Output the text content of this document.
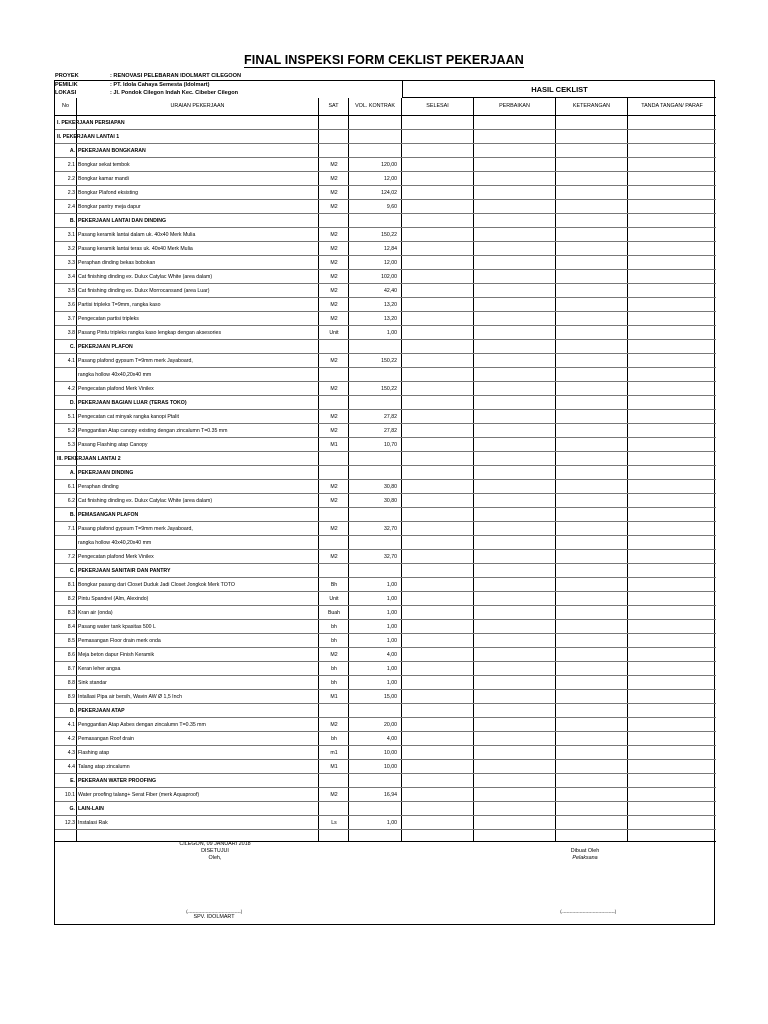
FINAL INSPEKSI FORM CEKLIST PEKERJAAN
PROYEK	: RENOVASI PELEBARAN IDOLMART CILEGOON
PEMILIK	: PT. Idola Cahaya Semesta (Idolmart)
LOKASI	: Jl. Pondok Cilegon Indah Kec. Cibeber Cilegon	HASIL CEKLIST
No	URAIAN PEKERJAAN	SAT	VOL. KONTRAK	SELESAI	PERBAIKAN	KETERANGAN	TANDA TANGAN/ PARAF
I. PEKERJAAN PERSIAPAN
II. PEKERJAAN LANTAI 1
A. PEKERJAAN BONGKARAN
2.1 Bongkar sekat tembok	M2	120,00
2.2 Bongkar kamar mandi	M2	12,00
2.3 Bongkar Plafond eksisting	M2	124,02
2.4 Bongkar pantry meja dapur	M2	9,60
B. PEKERJAAN LANTAI DAN DINDING
3.1 Pasang keramik lantai dalam uk. 40x40 Merk Mulia	M2	150,22
3.2 Pasang keramik lantai teras uk. 40x40 Merk Mulia	M2	12,84
3.3 Peraphan dinding bekas bobokan	M2	12,00
3.4 Cat finishing dinding ex. Dulux Catylac White (area dalam)	M2	102,00
3.5 Cat finishing dinding ex. Dulux Morrocansand (area Luar)	M2	42,40
3.6 Partisi tripleks T=9mm, rangka kaso	M2	13,20
3.7 Pengecatan partisi tripleks	M2	13,20
3.8 Pasang Pintu tripleks rangka kaso lengkap dengan aksesories	Unit	1,00
C. PEKERJAAN PLAFON
4.1 Pasang plafond gypsum T=9mm merk Jayaboard,	M2	150,22
rangka hollow 40x40,20x40 mm
4.2 Pengecatan plafond Merk Vinilex	M2	150,22
D. PEKERJAAN BAGIAN LUAR (TERAS TOKO)
5.1 Pengecatan cat minyak rangka kanopi Ptalit	M2	27,82
5.2 Penggantian Atap canopy existing dengan zincalumn T=0.35 mm	M2	27,82
5.3 Pasang Flashing atap Canopy	M1	10,70
III. PEKERJAAN LANTAI 2
A. PEKERJAAN DINDING
6.1 Peraphan dinding	M2	30,80
6.2 Cat finishing dinding ex. Dulux Catylac White (area dalam)	M2	30,80
B. PEMASANGAN PLAFON
7.1 Pasang plafond gypsum T=9mm merk Jayaboard,	M2	32,70
rangka hollow 40x40,20x40 mm
7.2 Pengecatan plafond Merk Vinilex	M2	32,70
C. PEKERJAAN SANITAIR DAN PANTRY
8.1 Bongkar pasang dari Closet Duduk Jadi Closet Jongkok Merk TOTO	Bh	1,00
8.2 Pintu Spandrel (Alm, Alexindo)	Unit	1,00
8.3 Kran air (onda)	Buah	1,00
8.4 Pasang water tank kpasitas 500 L	bh	1,00
8.5 Pemasangan Floor drain merk onda	bh	1,00
8.6 Meja beton dapur Finish Keramik	M2	4,00
8.7 Keran leher angsa	bh	1,00
8.8 Sink standar	bh	1,00
8.9 Intallasi Pipa air bersih, Wavin AW Ø 1,5 Inch	M1	15,00
D. PEKERJAAN ATAP
4.1 Penggantian Atap Asbes dengan zincalumn T=0.35 mm	M2	20,00
4.2 Pemasangan Roof drain	bh	4,00
4.3 Flashing atap	m1	10,00
4.4 Talang atap zincalumn	M1	10,00
E. PEKERAAN WATER PROOFING
10.1 Water proofing talang+ Serat Fiber (merk Aquaproof)	M2	16,94
G. LAIN-LAIN
12.3 Instalasi Rak	Ls	1,00
CILEGON, 09 JANUARI 2018
DISETUJUI
Oleh,
Dibuat Oleh
Pelaksana
(......................................................................)
SPV. IDOLMART
(......................................................................)
